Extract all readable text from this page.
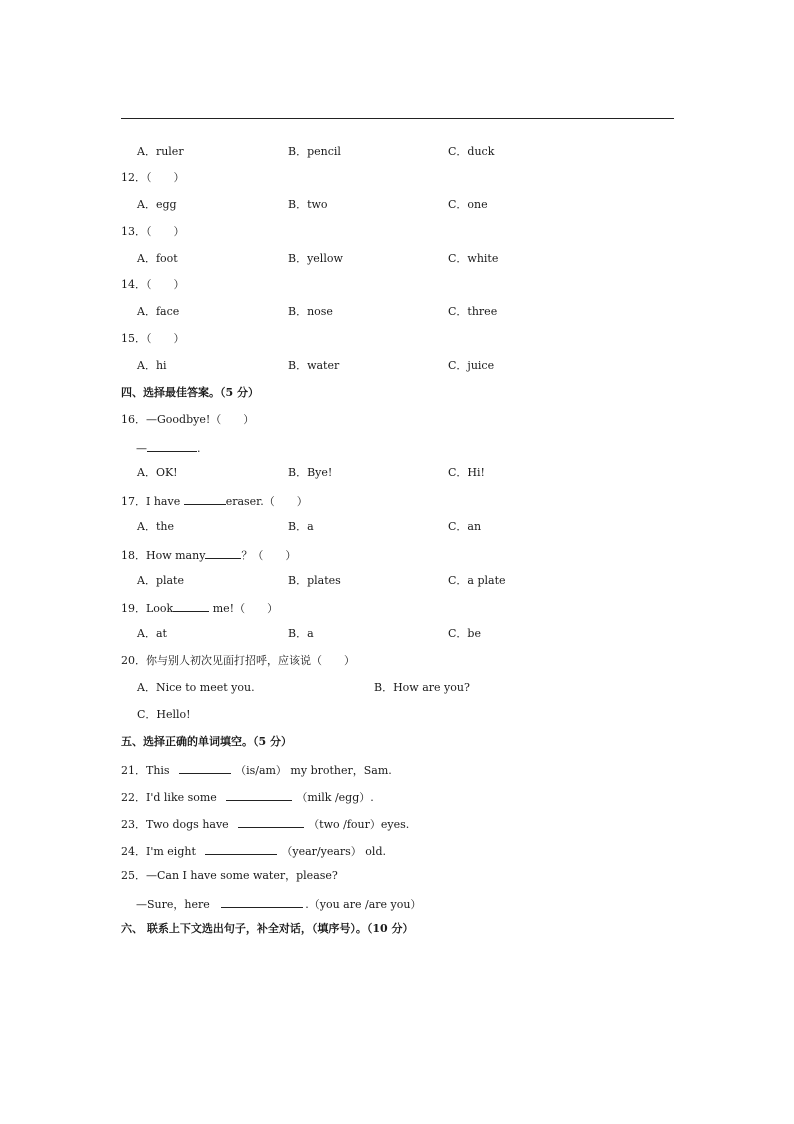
A．ruler	B．pencil	C．duck
12．（　　）
A．egg	B．two	C．one
13．（　　）
A．foot	B．yellow	C．white
14．（　　）
A．face	B．nose	C．three
15．（　　）
A．hi	B．water	C．juice
四、选择最佳答案。（5 分）
16．—Goodbye!（　　）
—	.
A．OK!	B．Bye!	C．Hi!
17．I have	eraser.（　　）
A．the	B．a	C．an
18．How many	？（　　）
A．plate	B．plates	C．a plate
19．Look	me!（　　）
A．at	B．a	C．be
20．你与别人初次见面打招呼，应该说（　　）
A．Nice to meet you.	B．How are you?
C．Hello!
五、选择正确的单词填空。（5 分）
21．This	（is/am） my brother，Sam.
22．I'd like some	（milk /egg）.
23．Two dogs have	（two /four）eyes.
24．I'm eight	（year/years） old.
25．—Can I have some water，please?
—Sure，here	.（you are /are you）
六、 联系上下文选出句子，补全对话，（填序号）。（10 分）
